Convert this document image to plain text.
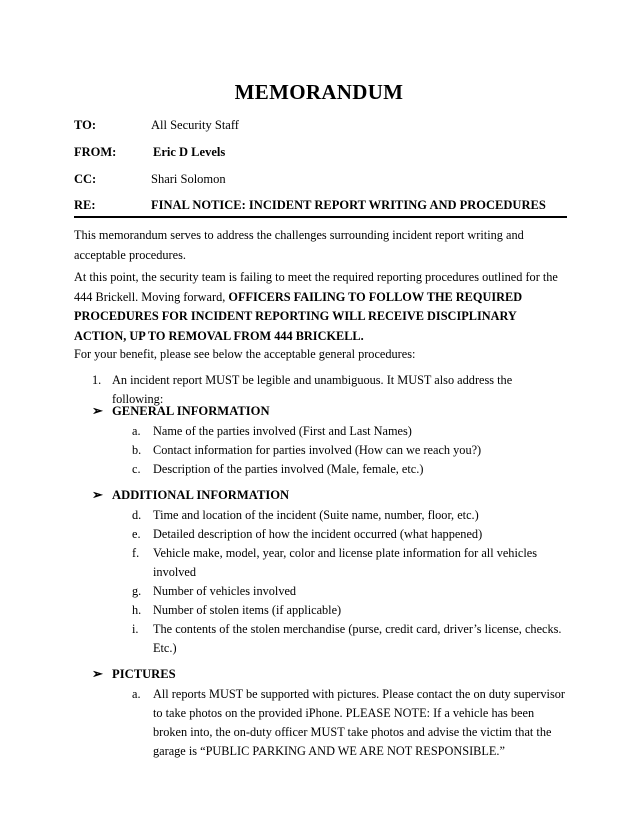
MEMORANDUM
TO:	All Security Staff
FROM:	Eric D Levels
CC:	Shari Solomon
RE:	FINAL NOTICE: INCIDENT REPORT WRITING AND PROCEDURES
This memorandum serves to address the challenges surrounding incident report writing and acceptable procedures.
At this point, the security team is failing to meet the required reporting procedures outlined for the 444 Brickell. Moving forward, OFFICERS FAILING TO FOLLOW THE REQUIRED PROCEDURES FOR INCIDENT REPORTING WILL RECEIVE DISCIPLINARY ACTION, UP TO REMOVAL FROM 444 BRICKELL.
For your benefit, please see below the acceptable general procedures:
1. An incident report MUST be legible and unambiguous. It MUST also address the following:
➢ GENERAL INFORMATION
a. Name of the parties involved (First and Last Names)
b. Contact information for parties involved (How can we reach you?)
c. Description of the parties involved (Male, female, etc.)
➢ ADDITIONAL INFORMATION
d. Time and location of the incident (Suite name, number, floor, etc.)
e. Detailed description of how the incident occurred (what happened)
f. Vehicle make, model, year, color and license plate information for all vehicles involved
g. Number of vehicles involved
h. Number of stolen items (if applicable)
i. The contents of the stolen merchandise (purse, credit card, driver’s license, checks. Etc.)
➢ PICTURES
a. All reports MUST be supported with pictures. Please contact the on duty supervisor to take photos on the provided iPhone. PLEASE NOTE: If a vehicle has been broken into, the on-duty officer MUST take photos and advise the victim that the garage is “PUBLIC PARKING AND WE ARE NOT RESPONSIBLE.”
